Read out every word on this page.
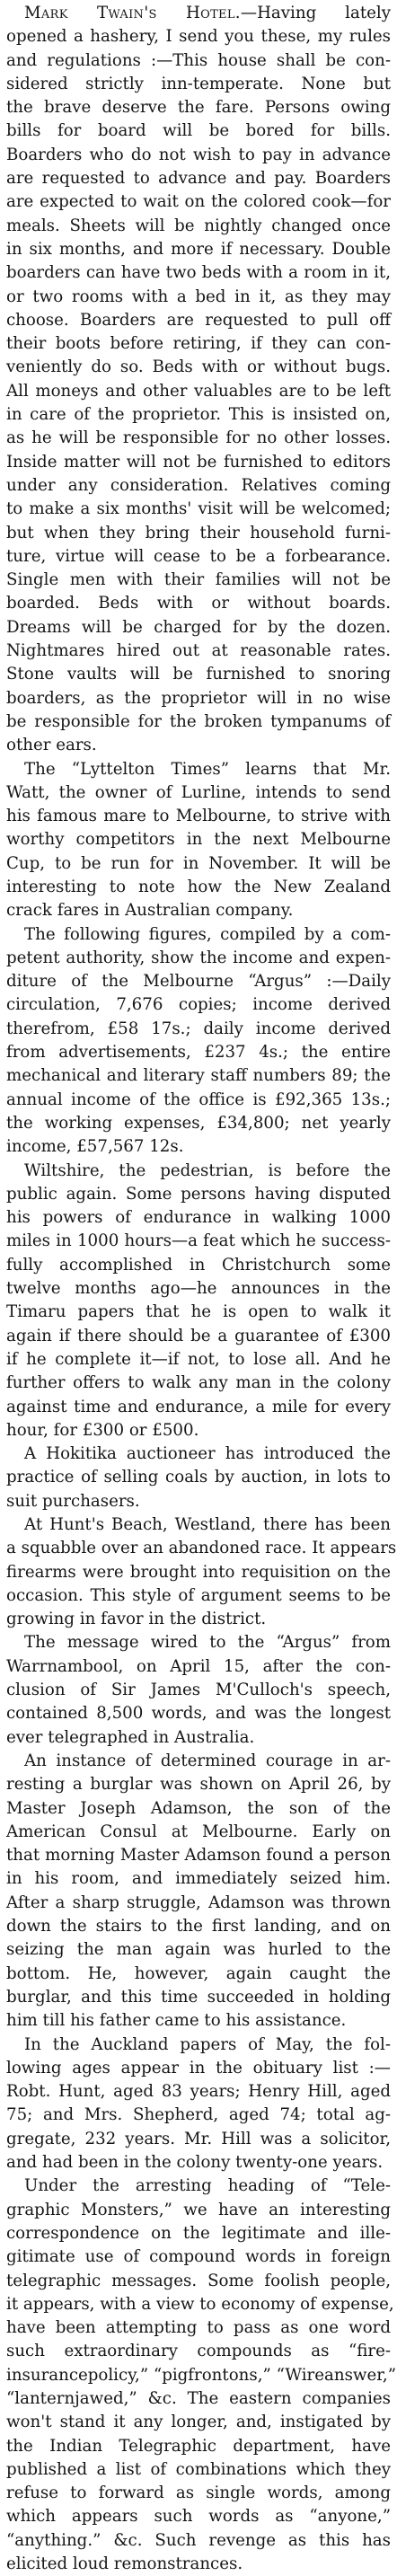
Mark Twain's Hotel.—Having lately
opened a hashery, I send you these, my rules
and regulations :—This house shall be con-
sidered strictly inn-temperate. None but
the brave deserve the fare. Persons owing
bills for board will be bored for bills.
Boarders who do not wish to pay in advance
are requested to advance and pay. Boarders
are expected to wait on the colored cook—for
meals. Sheets will be nightly changed once
in six months, and more if necessary. Double
boarders can have two beds with a room in it,
or two rooms with a bed in it, as they may
choose. Boarders are requested to pull off
their boots before retiring, if they can con-
veniently do so. Beds with or without bugs.
All moneys and other valuables are to be left
in care of the proprietor. This is insisted on,
as he will be responsible for no other losses.
Inside matter will not be furnished to editors
under any consideration. Relatives coming
to make a six months' visit will be welcomed;
but when they bring their household furni-
ture, virtue will cease to be a forbearance.
Single men with their families will not be
boarded. Beds with or without boards.
Dreams will be charged for by the dozen.
Nightmares hired out at reasonable rates.
Stone vaults will be furnished to snoring
boarders, as the proprietor will in no wise
be responsible for the broken tympanums of
other ears.
The “Lyttelton Times” learns that Mr.
Watt, the owner of Lurline, intends to send
his famous mare to Melbourne, to strive with
worthy competitors in the next Melbourne
Cup, to be run for in November. It will be
interesting to note how the New Zealand
crack fares in Australian company.
The following figures, compiled by a com-
petent authority, show the income and expen-
diture of the Melbourne “Argus” :—Daily
circulation, 7,676 copies; income derived
therefrom, £58 17s.; daily income derived
from advertisements, £237 4s.; the entire
mechanical and literary staff numbers 89; the
annual income of the office is £92,365 13s.;
the working expenses, £34,800; net yearly
income, £57,567 12s.
Wiltshire, the pedestrian, is before the
public again. Some persons having disputed
his powers of endurance in walking 1000
miles in 1000 hours—a feat which he success-
fully accomplished in Christchurch some
twelve months ago—he announces in the
Timaru papers that he is open to walk it
again if there should be a guarantee of £300
if he complete it—if not, to lose all. And he
further offers to walk any man in the colony
against time and endurance, a mile for every
hour, for £300 or £500.
A Hokitika auctioneer has introduced the
practice of selling coals by auction, in lots to
suit purchasers.
At Hunt's Beach, Westland, there has been
a squabble over an abandoned race. It appears
firearms were brought into requisition on the
occasion. This style of argument seems to be
growing in favor in the district.
The message wired to the “Argus” from
Warrnambool, on April 15, after the con-
clusion of Sir James M'Culloch's speech,
contained 8,500 words, and was the longest
ever telegraphed in Australia.
An instance of determined courage in ar-
resting a burglar was shown on April 26, by
Master Joseph Adamson, the son of the
American Consul at Melbourne. Early on
that morning Master Adamson found a person
in his room, and immediately seized him.
After a sharp struggle, Adamson was thrown
down the stairs to the first landing, and on
seizing the man again was hurled to the
bottom. He, however, again caught the
burglar, and this time succeeded in holding
him till his father came to his assistance.
In the Auckland papers of May, the fol-
lowing ages appear in the obituary list :—
Robt. Hunt, aged 83 years; Henry Hill, aged
75; and Mrs. Shepherd, aged 74; total ag-
gregate, 232 years. Mr. Hill was a solicitor,
and had been in the colony twenty-one years.
Under the arresting heading of “Tele-
graphic Monsters,” we have an interesting
correspondence on the legitimate and ille-
gitimate use of compound words in foreign
telegraphic messages. Some foolish people,
it appears, with a view to economy of expense,
have been attempting to pass as one word
such extraordinary compounds as “fire-
insurancepolicy,” “pigfrontons,” “Wireanswer,”
“lanternjawed,” &c. The eastern companies
won't stand it any longer, and, instigated by
the Indian Telegraphic department, have
published a list of combinations which they
refuse to forward as single words, among
which appears such words as “anyone,”
“anything.” &c. Such revenge as this has
elicited loud remonstrances.
